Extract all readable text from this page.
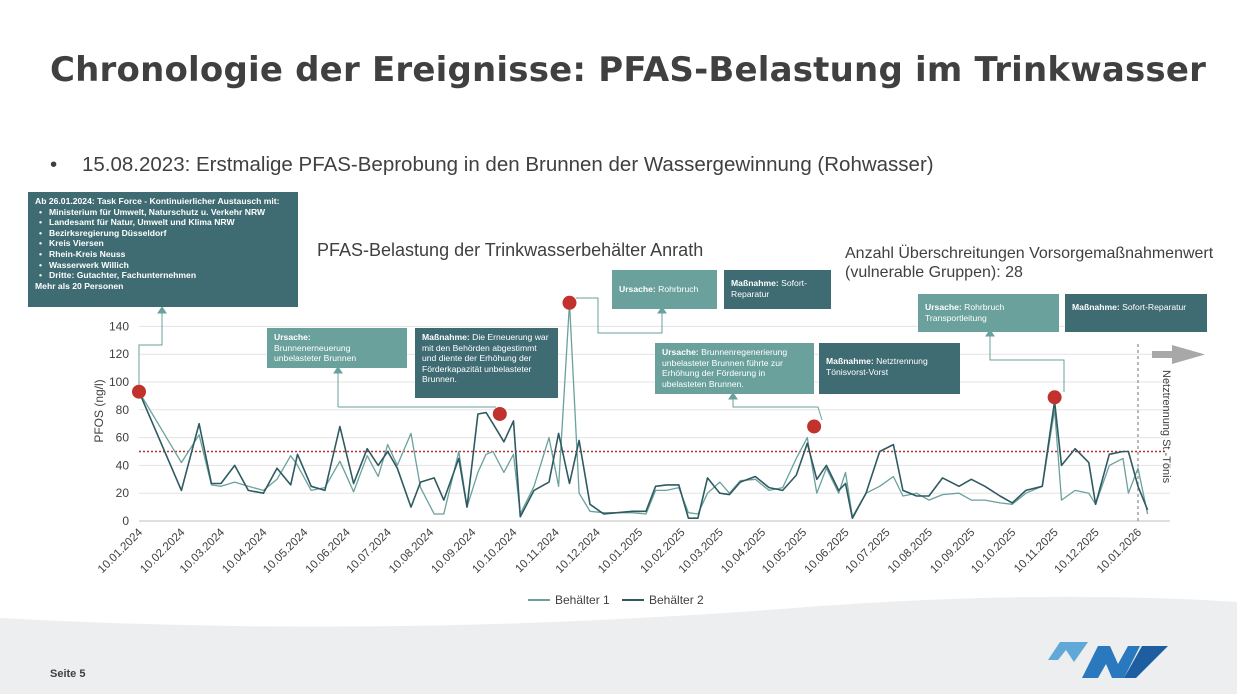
Chronologie der Ereignisse: PFAS-Belastung im Trinkwasser
• 15.08.2023: Erstmalige PFAS-Beprobung in den Brunnen der Wassergewinnung (Rohwasser)
10.01.2024
10.02.2024
10.03.2024
10.04.2024
10.05.2024
10.06.2024
10.07.2024
10.08.2024
10.09.2024
10.10.2024
10.11.2024
10.12.2024
10.01.2025
10.02.2025
10.03.2025
10.04.2025
10.05.2025
10.06.2025
10.07.2025
10.08.2025
10.09.2025
10.10.2025
10.11.2025
10.12.2025
10.01.2026
0
20
40
60
80
100
120
140
PFOS (ng/l)
Behälter 1	Behälter 2
PFAS-Belastung der Trinkwasserbehälter Anrath	Anzahl Überschreitungen Vorsorgemaßnahmenwert (vulnerable Gruppen): 28
Netztrennung St.-Tönis
Ab 26.01.2024: Task Force - Kontinuierlicher Austausch mit:
• Ministerium für Umwelt, Naturschutz u. Verkehr NRW
• Landesamt für Natur, Umwelt und Klima NRW
• Bezirksregierung Düsseldorf
• Kreis Viersen
• Rhein-Kreis Neuss
• Wasserwerk Willich
• Dritte: Gutachter, Fachunternehmen
Mehr als 20 Personen
Ursache:
Brunnenerneuerung unbelasteter Brunnen
Maßnahme: Die Erneuerung war mit den Behörden abgestimmt und diente der Erhöhung der Förderkapazität unbelasteter Brunnen.
Ursache: Rohrbruch
Maßnahme: Sofort-Reparatur
Ursache: Brunnenregenerierung unbelasteter Brunnen führte zur Erhöhung der Förderung in ubelasteten Brunnen.
Maßnahme: Netztrennung Tönisvorst-Vorst
Ursache: Rohrbruch Transportleitung
Maßnahme: Sofort-Reparatur
Seite 5
